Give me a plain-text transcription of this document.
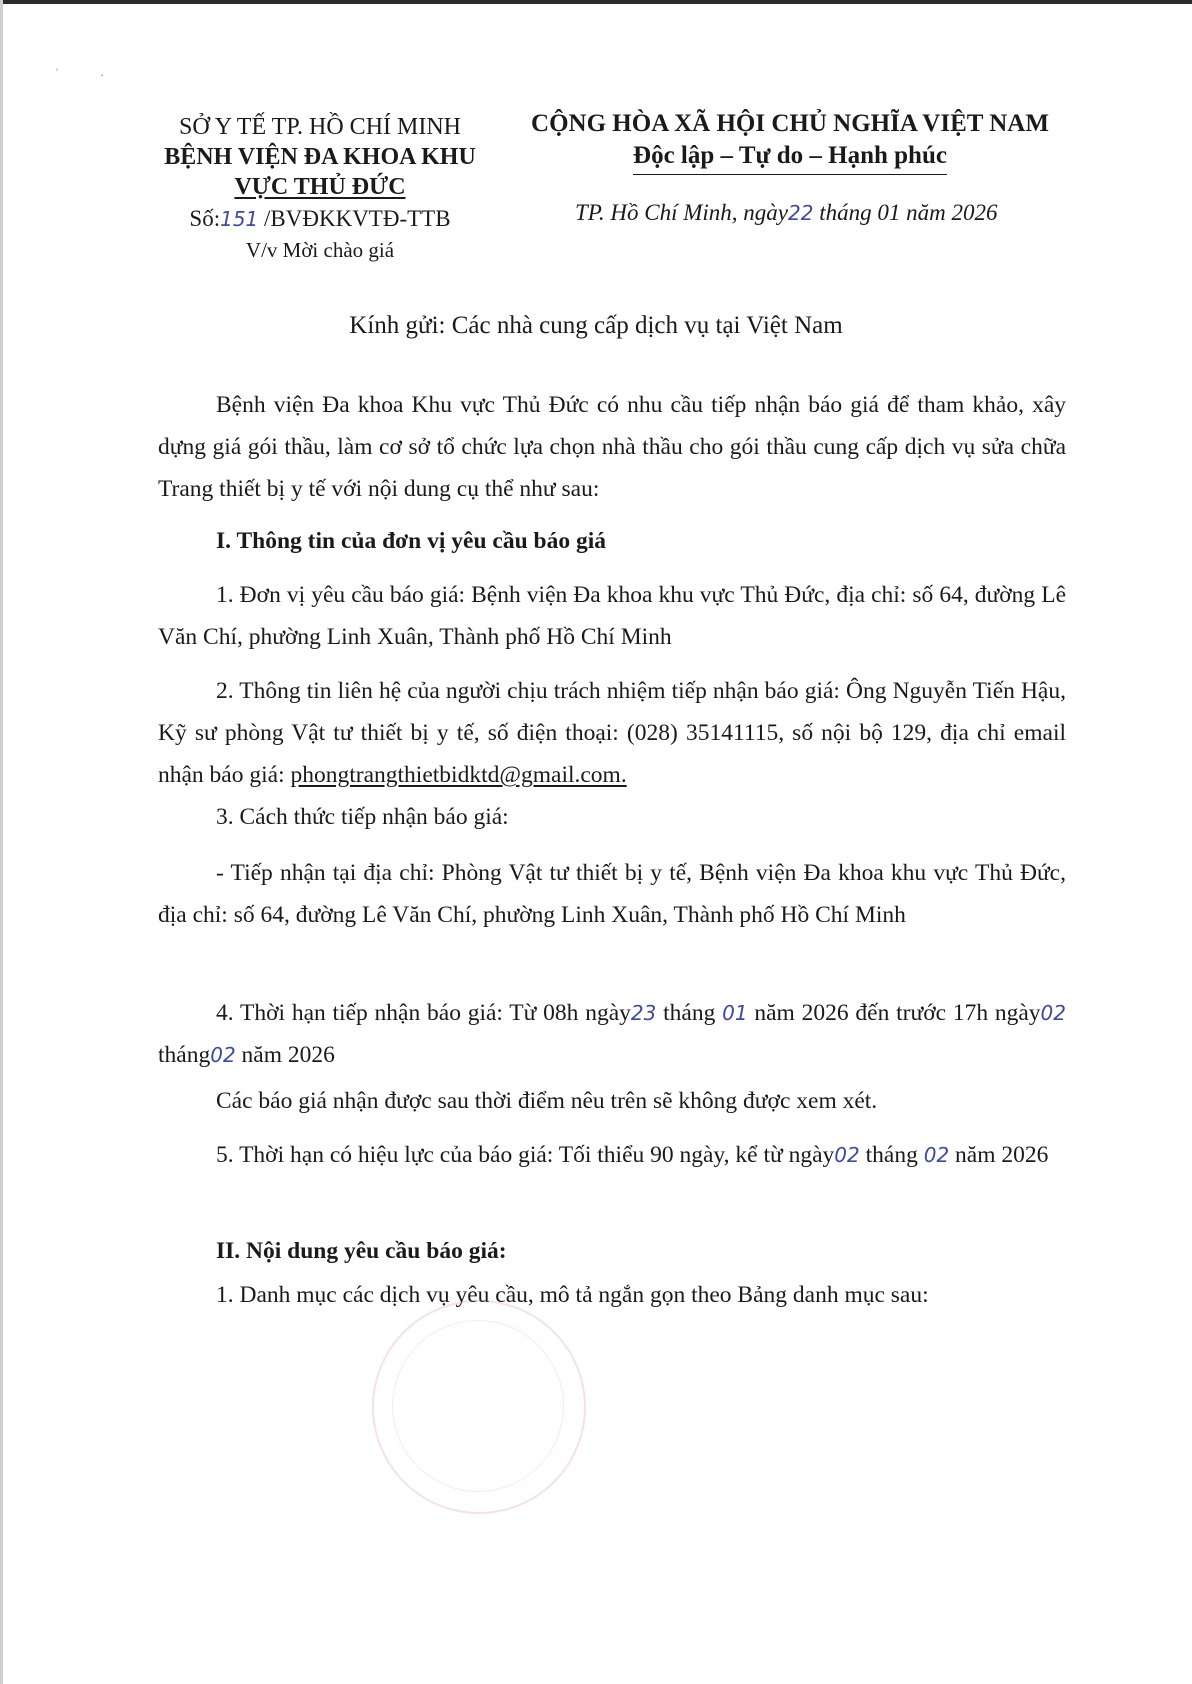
ˈ	·
SỞ Y TẾ TP. HỒ CHÍ MINH
BỆNH VIỆN ĐA KHOA KHU
VỰC THỦ ĐỨC
Số:151 /BVĐKKVTĐ-TTB
V/v Mời chào giá
CỘNG HÒA XÃ HỘI CHỦ NGHĨA VIỆT NAM
Độc lập – Tự do – Hạnh phúc
TP. Hồ Chí Minh, ngày22 tháng 01 năm 2026
Kính gửi: Các nhà cung cấp dịch vụ tại Việt Nam

Bệnh viện Đa khoa Khu vực Thủ Đức có nhu cầu tiếp nhận báo giá để tham khảo, xây dựng giá gói thầu, làm cơ sở tổ chức lựa chọn nhà thầu cho gói thầu cung cấp dịch vụ sửa chữa Trang thiết bị y tế với nội dung cụ thể như sau:

I. Thông tin của đơn vị yêu cầu báo giá

1. Đơn vị yêu cầu báo giá: Bệnh viện Đa khoa khu vực Thủ Đức, địa chỉ: số 64, đường Lê Văn Chí, phường Linh Xuân, Thành phố Hồ Chí Minh

2. Thông tin liên hệ của người chịu trách nhiệm tiếp nhận báo giá: Ông Nguyễn Tiến Hậu, Kỹ sư phòng Vật tư thiết bị y tế, số điện thoại: (028) 35141115, số nội bộ 129, địa chỉ email nhận báo giá: phongtrangthietbidktd@gmail.com.

3. Cách thức tiếp nhận báo giá:

- Tiếp nhận tại địa chỉ: Phòng Vật tư thiết bị y tế, Bệnh viện Đa khoa khu vực Thủ Đức, địa chỉ: số 64, đường Lê Văn Chí, phường Linh Xuân, Thành phố Hồ Chí Minh

4. Thời hạn tiếp nhận báo giá: Từ 08h ngày23 tháng 01 năm 2026 đến trước 17h ngày02 tháng02 năm 2026

Các báo giá nhận được sau thời điểm nêu trên sẽ không được xem xét.

5. Thời hạn có hiệu lực của báo giá: Tối thiểu 90 ngày, kể từ ngày02 tháng 02 năm 2026

II. Nội dung yêu cầu báo giá:

1. Danh mục các dịch vụ yêu cầu, mô tả ngắn gọn theo Bảng danh mục sau:
